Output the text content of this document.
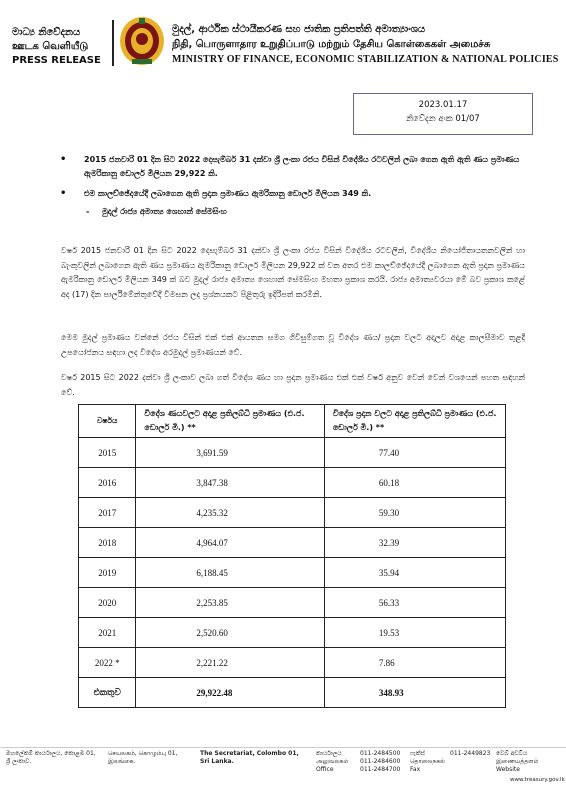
මාධ්‍ය නිවේදනය
ஊடக வெளியீடு
PRESS RELEASE
මුදල්, ආර්ථික ස්ථායීකරණ සහ ජාතික ප්‍රතිපත්ති අමාත්‍යාංශය
நிதி, பொருளாதார உறுதிப்பாடு மற்றும் தேசிய கொள்கைகள் அமைச்சு
MINISTRY OF FINANCE, ECONOMIC STABILIZATION & NATIONAL POLICIES
2023.01.17
නිවේදන අංක 01/07
• 2015 ජනවාරි 01 දින සිට 2022 දෙසැම්බර් 31 දක්වා ශ්‍රී ලංකා රජය විසින් විදේශීය රටවලින් ලබා ගෙන ඇති ඇති ණය ප්‍රමාණය ඇමරිකානු ඩොලර් මිලියන 29,922 කි.
• එම කාලච්ඡේදයේදී ලබාගෙන ඇති ප්‍රදාන ප්‍රමාණය ඇමරිකානු ඩොලර් මිලියන 349 කි.
- මුදල් රාජ්‍ය අමාත්‍ය ශෙහාන් සේමසිංහ
වර්ෂ 2015 ජනවාරි 01 දින සිට 2022 දෙසැම්බර් 31 දක්වා ශ්‍රී ලංකා රජය විසින් විදේශීය රටවලින්, විදේශීය නියෝජිතායතනවලින් හා බැංකුවලින් ලබාගෙන ඇති ණය ප්‍රමාණය ඇමරිකානු ඩොලර් මිලියන 29,922 ක් වන අතර එම කාලච්ඡේදයේදී ලබාගෙන ඇති ප්‍රදාන ප්‍රමාණය ඇමරිකානු ඩොලර් මිලියන 349 ක් බව මුදල් රාජ්‍ය අමාත්‍ය ශෙහාන් සේමසිංහ මහතා ප්‍රකාශ කරයි. රාජ්‍ය අමාත්‍යවරයා මේ බව ප්‍රකාශ කළේ අද (17) දින පාර්ලිමේන්තුවේදී විමසන ලද ප්‍රශ්නයකට පිළිතුරු ඉදිරිපත් කරමිනි.
මෙම මුදල් ප්‍රමාණය වන්නේ රජය විසින් එක් එක් ආයතන සමග ගිවිසුම්ගත වූ විදේශ ණය/ ප්‍රදාන වලට අදාලව අදාළ කාලසීමාව තුළදී උපයෝජනය සඳහා ලද විදේශ අරමුදල් ප්‍රමාණයන් වේ.
වර්ෂ 2015 සිට 2022 දක්වා ශ්‍රී ලංකාව ලබා ගත් විදේශ ණය හා ප්‍රදාන ප්‍රමාණය එක් එක් වර්ෂ අනුව වෙන් වෙන් වශයෙන් පහත සඳහන් වේ.
වර්ෂය	විදේශ ණයවලට අදාළ ප්‍රතිලබ්ධි ප්‍රමාණය (එ.ජ. ඩොලර් මි.) **	විදේශ ප්‍රදාන වලට අදාළ ප්‍රතිලබ්ධි ප්‍රමාණය (එ.ජ. ඩොලර් මි.) **
2015	3,691.59	77.40
2016	3,847.38	60.18
2017	4,235.32	59.30
2018	4,964.07	32.39
2019	6,188.45	35.94
2020	2,253.85	56.33
2021	2,520.60	19.53
2022 *	2,221.22	7.86
එකතුව	29,922.48	348.93
මහලේකම් කාර්යාලය, කොළඹ 01,
ශ්‍රී ලංකාව.
செயலகம், கொழும்பு 01,
இலங்கை.
The Secretariat, Colombo 01,
Sri Lanka.
කාර්යාලය
அலுவலகம்
Office
011-2484500
011-2484600
011-2484700
ෆැක්ස්
தொலைநகல்
Fax
011-2449823 වෙබ් අඩවිය
இணையத்தளம்
Website
www.treasury.gov.lk
